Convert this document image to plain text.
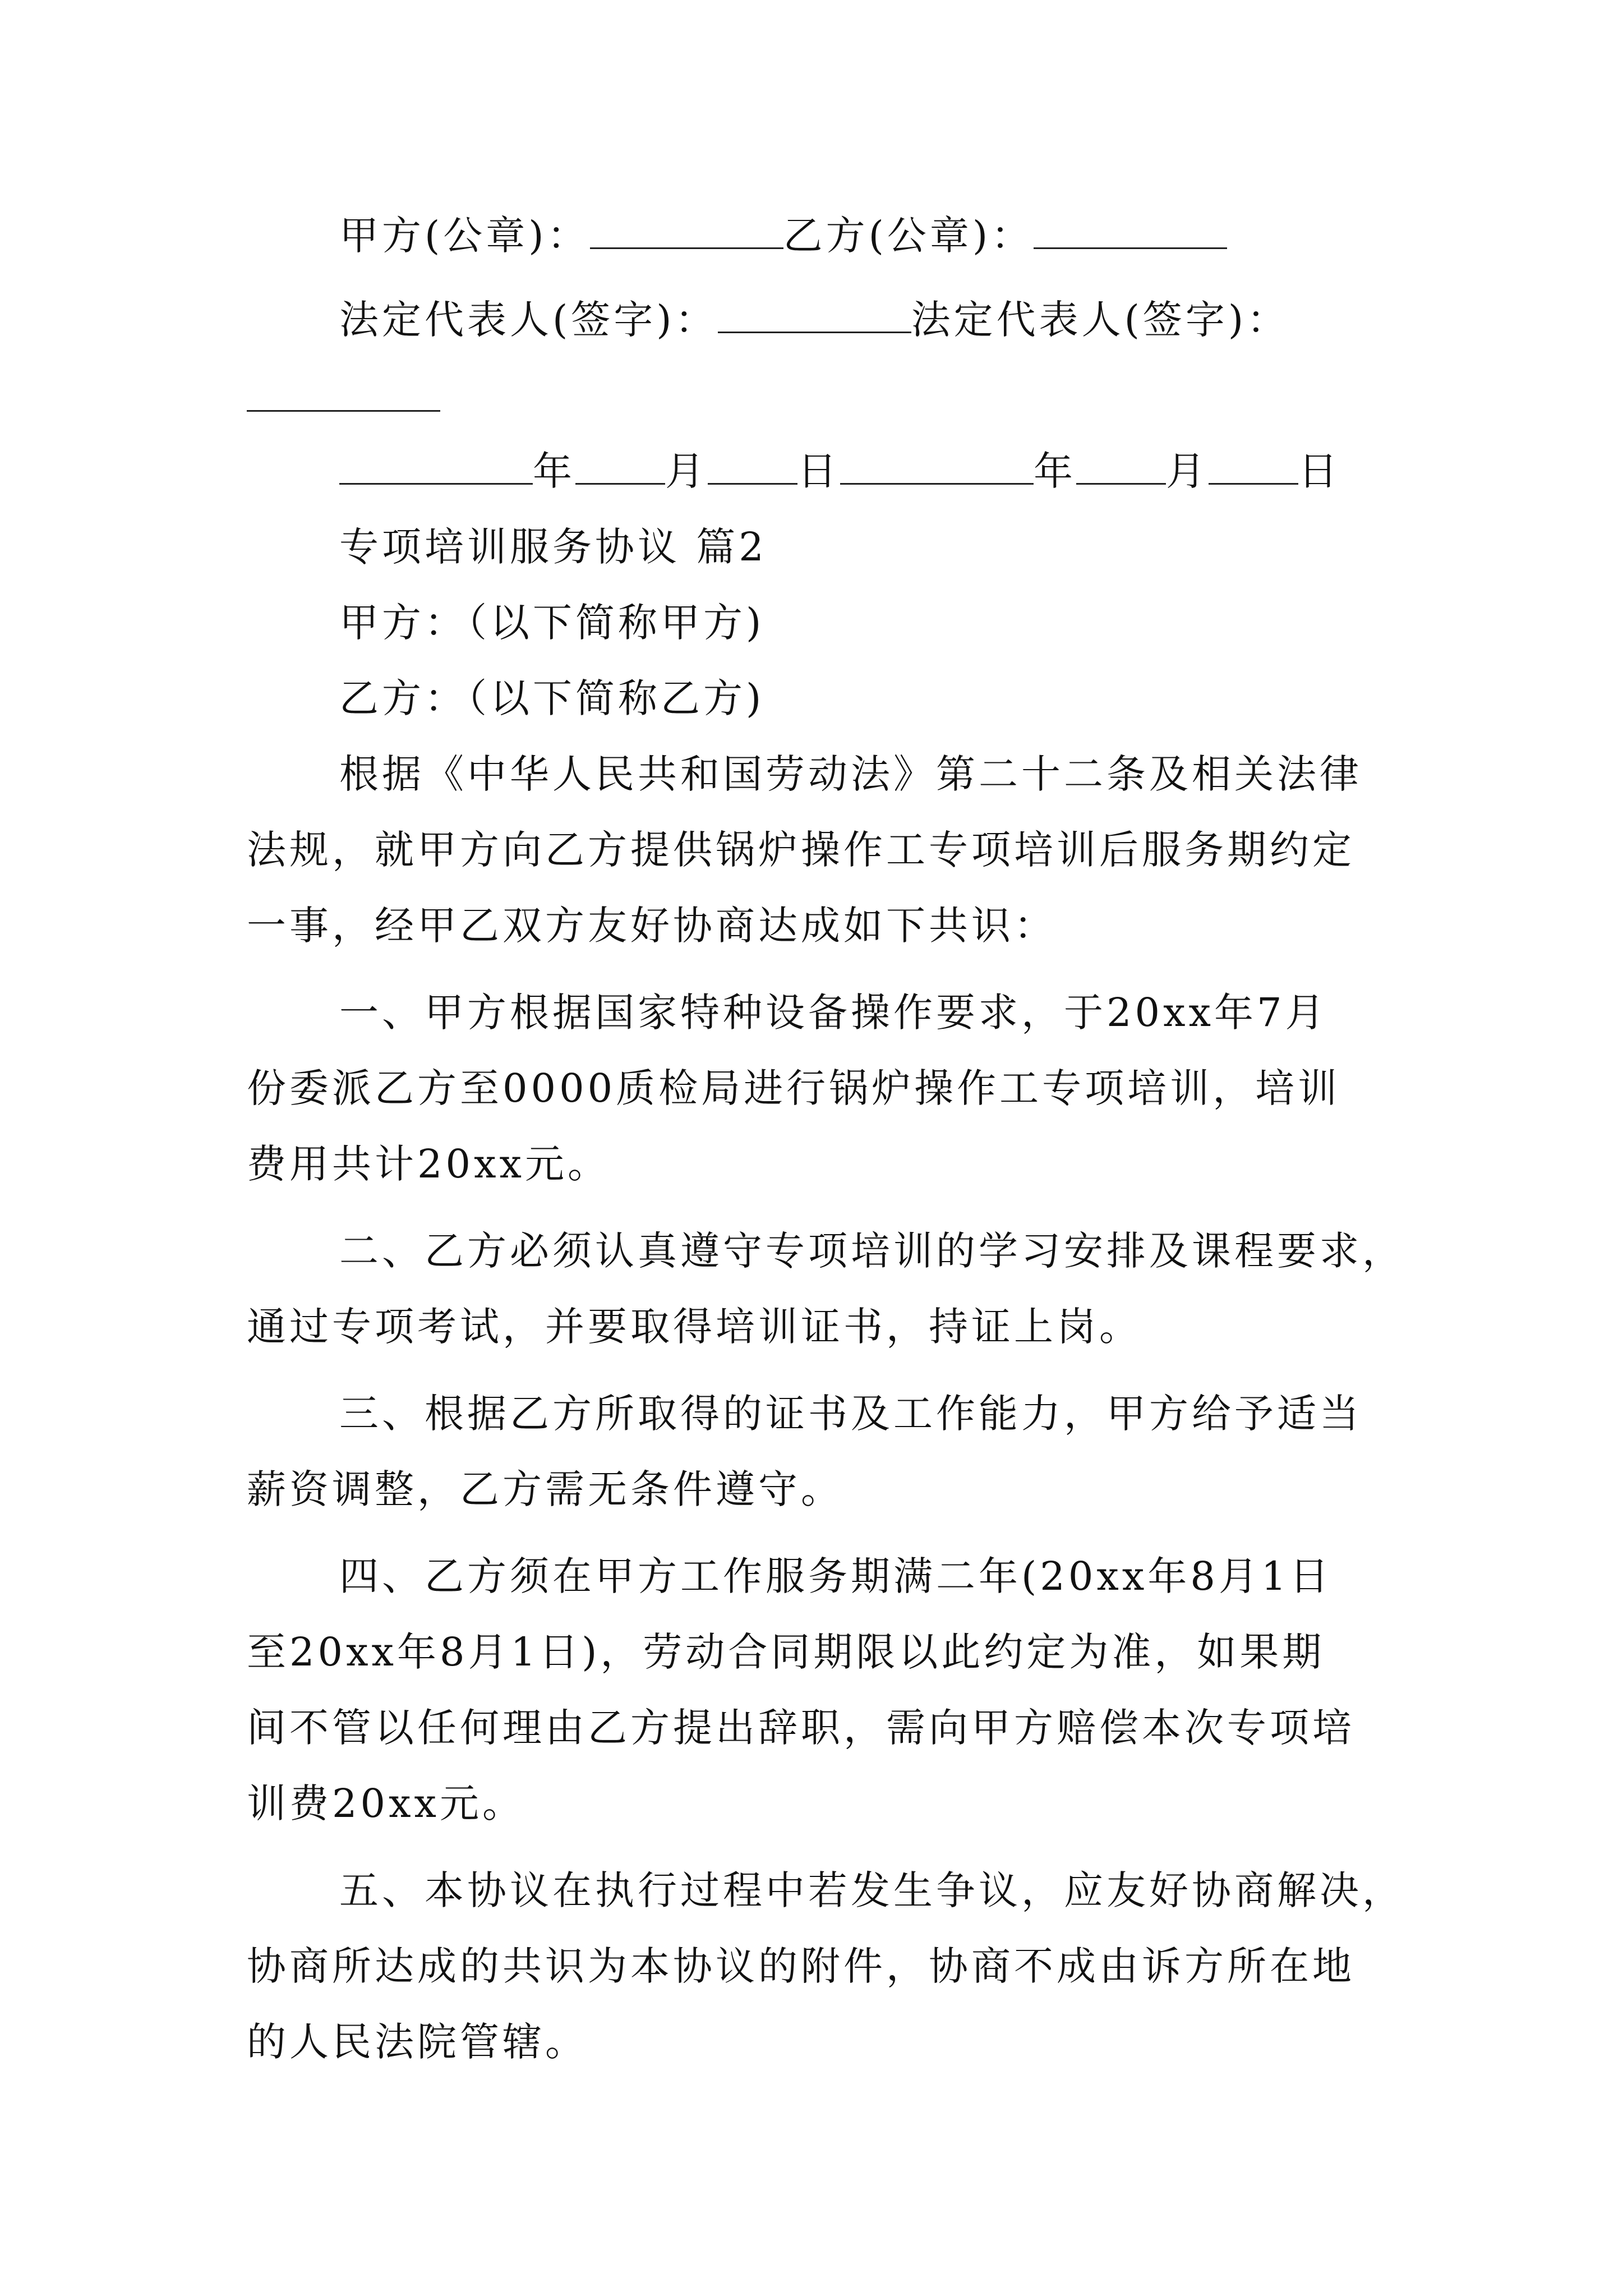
甲方(公章)：	乙方(公章)：
法定代表人(签字)：	法定代表人(签字)：
年 月 日	年 月 日
专项培训服务协议 篇2
甲方：（以下简称甲方)
乙方：（以下简称乙方)
根据《中华人民共和国劳动法》第二十二条及相关法律
法规，就甲方向乙方提供锅炉操作工专项培训后服务期约定
一事，经甲乙双方友好协商达成如下共识：
一、甲方根据国家特种设备操作要求，于20xx年7月
份委派乙方至0000质检局进行锅炉操作工专项培训，培训
费用共计20xx元。
二、乙方必须认真遵守专项培训的学习安排及课程要求，
通过专项考试，并要取得培训证书，持证上岗。
三、根据乙方所取得的证书及工作能力，甲方给予适当
薪资调整，乙方需无条件遵守。
四、乙方须在甲方工作服务期满二年(20xx年8月1日
至20xx年8月1日)，劳动合同期限以此约定为准，如果期
间不管以任何理由乙方提出辞职，需向甲方赔偿本次专项培
训费20xx元。
五、本协议在执行过程中若发生争议，应友好协商解决，
协商所达成的共识为本协议的附件，协商不成由诉方所在地
的人民法院管辖。
